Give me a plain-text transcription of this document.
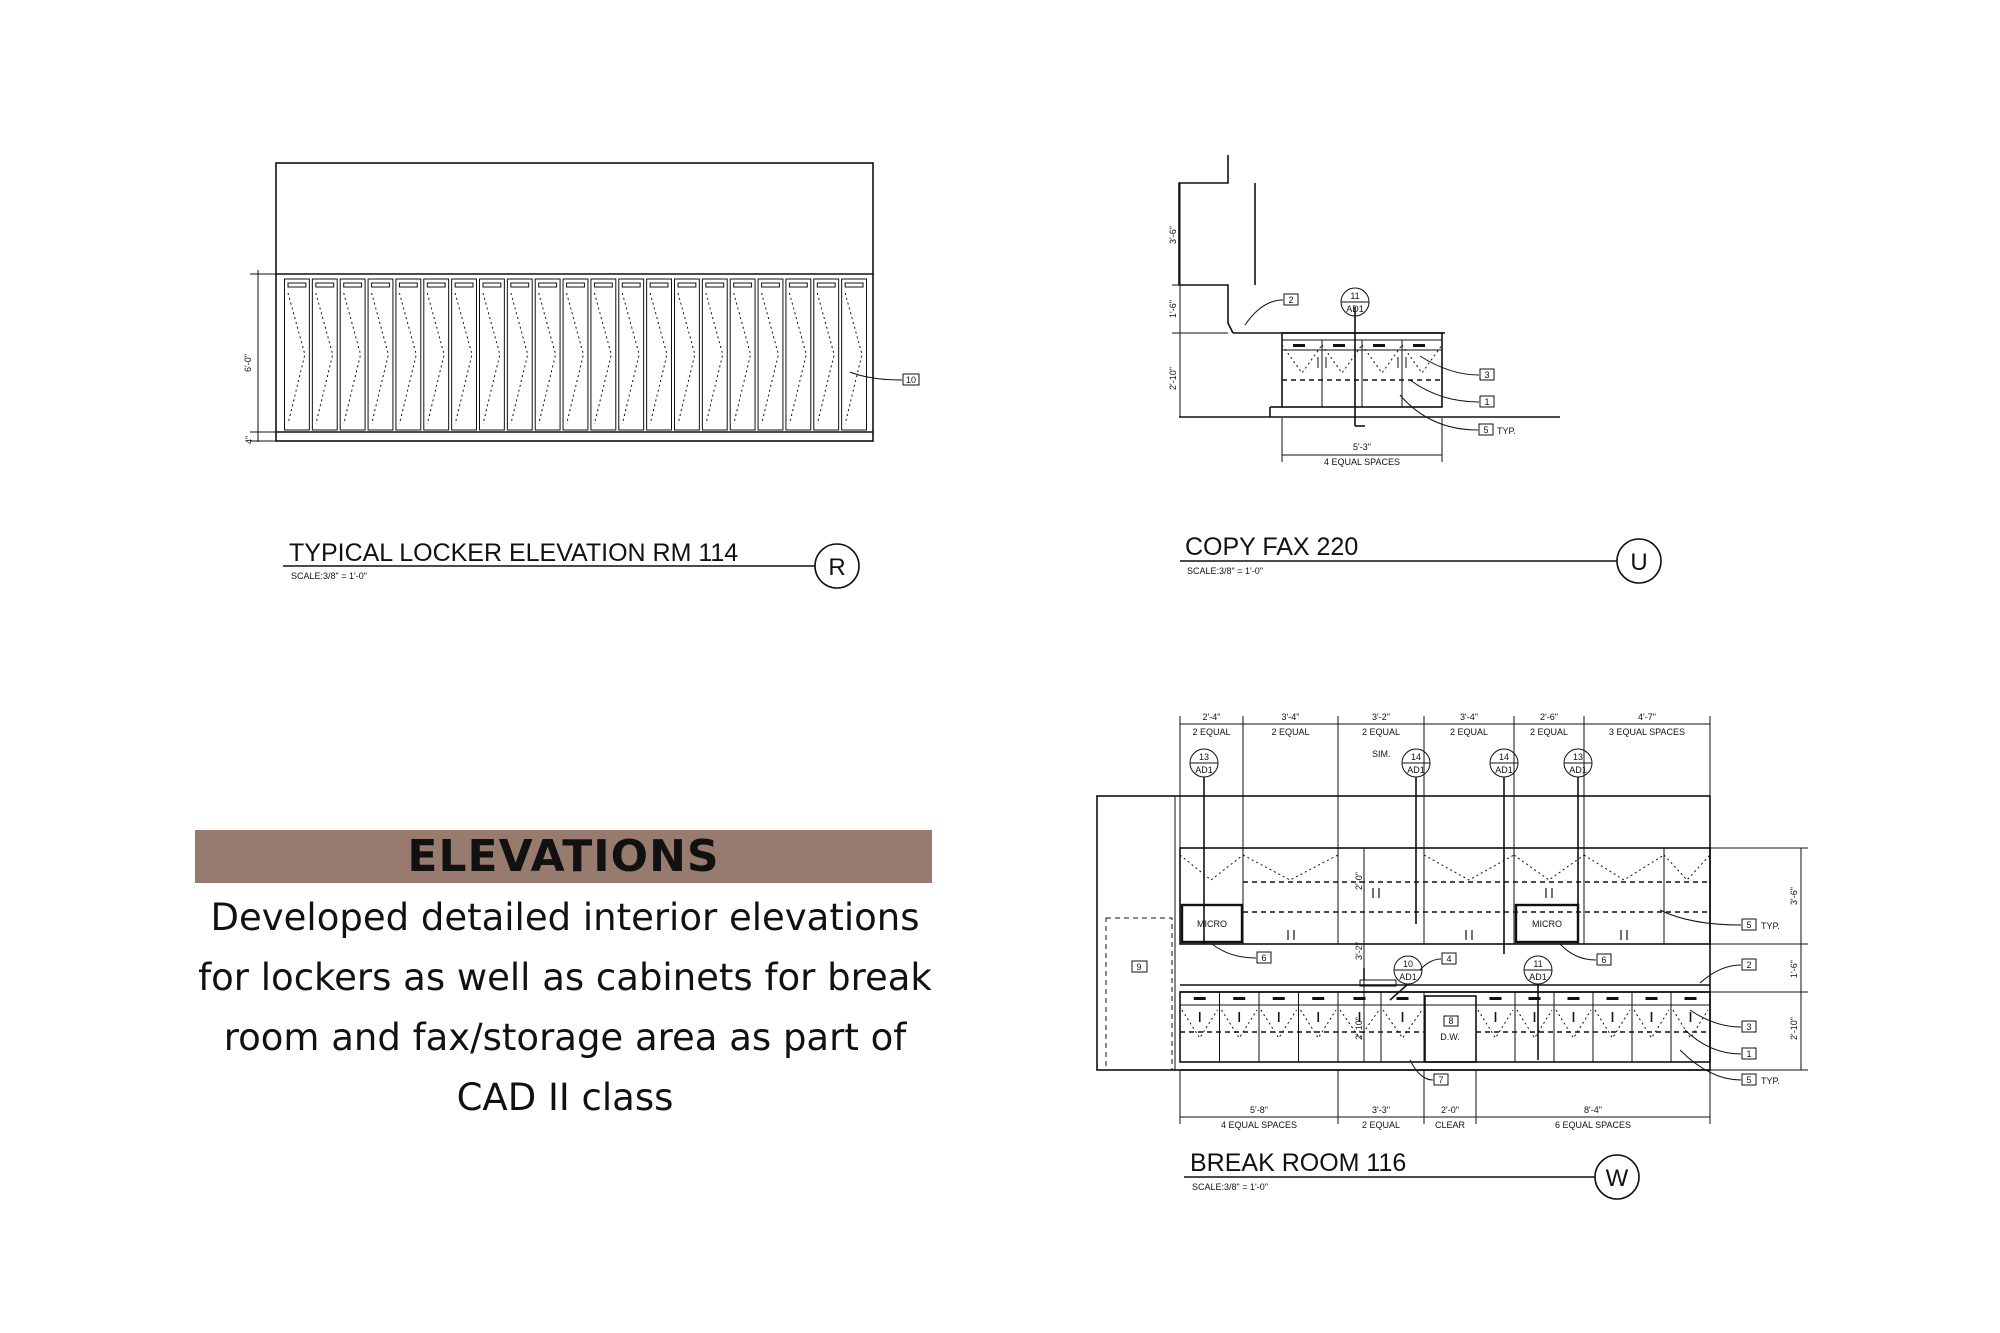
6'-0"
4"
10
TYPICAL LOCKER ELEVATION RM 114
SCALE:3/8" = 1'-0"	R
3'-6"
1'-6"
2'-10"
5'-3"
4 EQUAL SPACES
11
AD1
2
3
1
5 TYP.
COPY FAX 220
SCALE:3/8" = 1'-0"	U
2'-4"
2 EQUAL
3'-4"
2 EQUAL
3'-2"
2 EQUAL
3'-4"
2 EQUAL
2'-6"
2 EQUAL
4'-7"
3 EQUAL SPACES
9
MICRO	MICRO
D.W.
8
13
AD1
14
AD1
14
AD1
13
AD1
10
AD1
11
AD1
SIM.
2'-0"
3'-2"
2'-10"
3'-6"
1'-6"
2'-10"
5 TYP.
2
3
1
5 TYP.
6	4	6
7
5'-8"
4 EQUAL SPACES
3'-3"
2 EQUAL
2'-0"
CLEAR
8'-4"
6 EQUAL SPACES
BREAK ROOM 116
SCALE:3/8" = 1'-0"	W
ELEVATIONS
Developed detailed interior elevations
for lockers as well as cabinets for break
room and fax/storage area as part of
CAD II class
